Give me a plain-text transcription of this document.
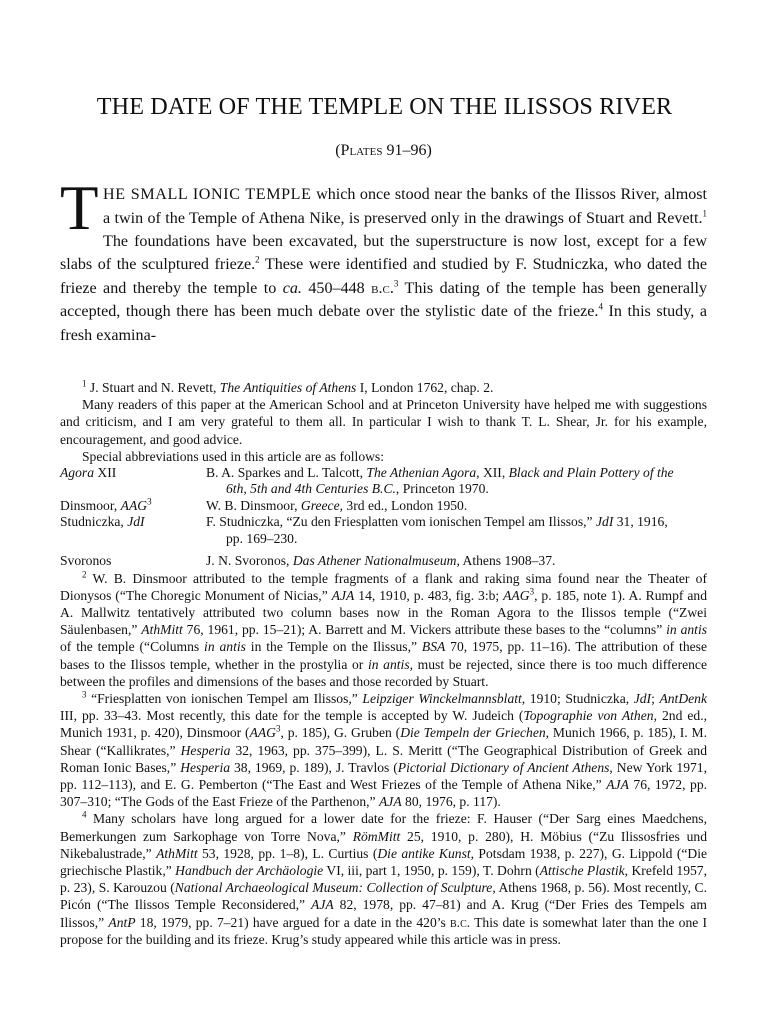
THE DATE OF THE TEMPLE ON THE ILISSOS RIVER
(Plates 91–96)
THE SMALL IONIC TEMPLE which once stood near the banks of the Ilissos River, almost a twin of the Temple of Athena Nike, is preserved only in the drawings of Stuart and Revett.$^1$ The foundations have been excavated, but the superstructure is now lost, except for a few slabs of the sculptured frieze.$^2$ These were identified and studied by F. Studniczka, who dated the frieze and thereby the temple to ca. 450–448 b.c.$^3$ This dating of the temple has been generally accepted, though there has been much debate over the stylistic date of the frieze.$^4$ In this study, a fresh examina-

$^1$ J. Stuart and N. Revett, The Antiquities of Athens I, London 1762, chap. 2.

Many readers of this paper at the American School and at Princeton University have helped me with suggestions and criticism, and I am very grateful to them all. In particular I wish to thank T. L. Shear, Jr. for his example, encouragement, and good advice.

Special abbreviations used in this article are as follows:

Agora XII	B. A. Sparkes and L. Talcott, The Athenian Agora, XII, Black and Plain Pottery of the
6th, 5th and 4th Centuries B.C., Princeton 1970.

Dinsmoor, AAG$^3$	W. B. Dinsmoor, Greece, 3rd ed., London 1950.
Studniczka, JdI	F. Studniczka, “Zu den Friesplatten vom ionischen Tempel am Ilissos,” JdI 31, 1916,
pp. 169–230.

Svoronos	J. N. Svoronos, Das Athener Nationalmuseum, Athens 1908–37.

$^2$ W. B. Dinsmoor attributed to the temple fragments of a flank and raking sima found near the Theater of Dionysos (“The Choregic Monument of Nicias,” AJA 14, 1910, p. 483, fig. 3:b; AAG$^3$, p. 185, note 1). A. Rumpf and A. Mallwitz tentatively attributed two column bases now in the Roman Agora to the Ilissos temple (“Zwei Säulenbasen,” AthMitt 76, 1961, pp. 15–21); A. Barrett and M. Vickers attribute these bases to the “columns” in antis of the temple (“Columns in antis in the Temple on the Ilissus,” BSA 70, 1975, pp. 11–16). The attribution of these bases to the Ilissos temple, whether in the prostylia or in antis, must be rejected, since there is too much difference between the profiles and dimensions of the bases and those recorded by Stuart.

$^3$ “Friesplatten von ionischen Tempel am Ilissos,” Leipziger Winckelmannsblatt, 1910; Studniczka, JdI; AntDenk III, pp. 33–43. Most recently, this date for the temple is accepted by W. Judeich (Topographie von Athen, 2nd ed., Munich 1931, p. 420), Dinsmoor (AAG$^3$, p. 185), G. Gruben (Die Tempeln der Griechen, Munich 1966, p. 185), I. M. Shear (“Kallikrates,” Hesperia 32, 1963, pp. 375–399), L. S. Meritt (“The Geographical Distribution of Greek and Roman Ionic Bases,” Hesperia 38, 1969, p. 189), J. Travlos (Pictorial Dictionary of Ancient Athens, New York 1971, pp. 112–113), and E. G. Pemberton (“The East and West Friezes of the Temple of Athena Nike,” AJA 76, 1972, pp. 307–310; “The Gods of the East Frieze of the Parthenon,” AJA 80, 1976, p. 117).

$^4$ Many scholars have long argued for a lower date for the frieze: F. Hauser (“Der Sarg eines Maedchens, Bemerkungen zum Sarkophage von Torre Nova,” RömMitt 25, 1910, p. 280), H. Möbius (“Zu Ilissosfries und Nikebalustrade,” AthMitt 53, 1928, pp. 1–8), L. Curtius (Die antike Kunst, Potsdam 1938, p. 227), G. Lippold (“Die griechische Plastik,” Handbuch der Archäologie VI, iii, part 1, 1950, p. 159), T. Dohrn (Attische Plastik, Krefeld 1957, p. 23), S. Karouzou (National Archaeological Museum: Collection of Sculpture, Athens 1968, p. 56). Most recently, C. Picón (“The Ilissos Temple Reconsidered,” AJA 82, 1978, pp. 47–81) and A. Krug (“Der Fries des Tempels am Ilissos,” AntP 18, 1979, pp. 7–21) have argued for a date in the 420’s b.c. This date is somewhat later than the one I propose for the building and its frieze. Krug’s study appeared while this article was in press.
